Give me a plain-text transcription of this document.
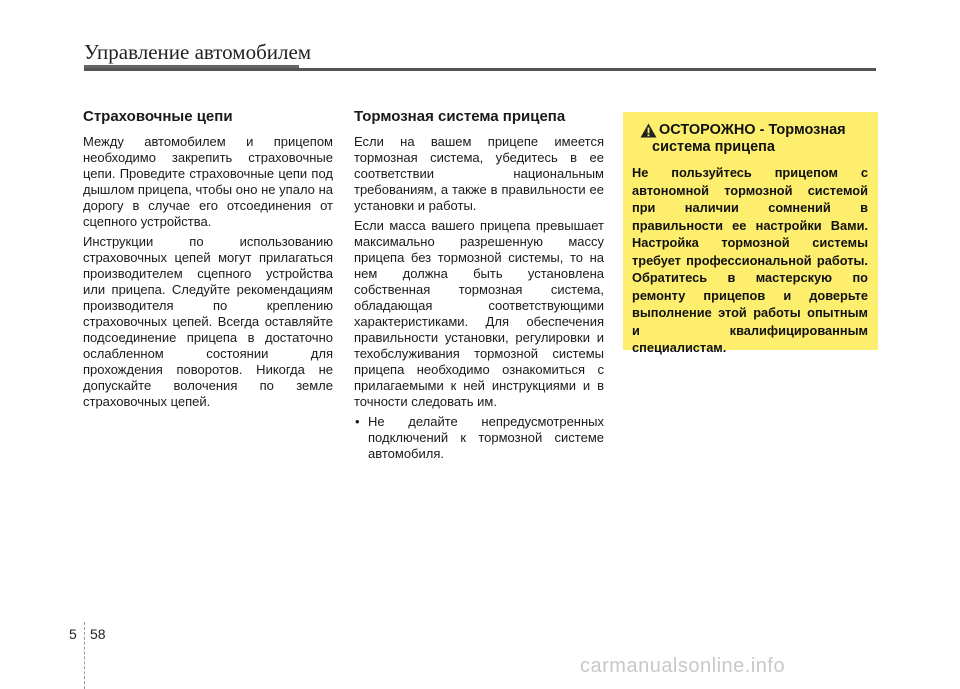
Управление автомобилем
Страховочные цепи

Между автомобилем и прицепом необходимо закрепить страховочные цепи. Проведите страховочные цепи под дышлом прицепа, чтобы оно не упало на дорогу в случае его отсоединения от сцепного устройства.

Инструкции по использованию страховочных цепей могут прилагаться производителем сцепного устройства или прицепа. Следуйте рекомендациям производителя по креплению страховочных цепей. Всегда оставляйте подсоединение прицепа в достаточно ослабленном состоянии для прохождения поворотов. Никогда не допускайте волочения по земле страховочных цепей.

Тормозная система прицепа

Если на вашем прицепе имеется тормозная система, убедитесь в ее соответствии национальным требованиям, а также в правильности ее установки и работы.

Если масса вашего прицепа превышает максимально разрешенную массу прицепа без тормозной системы, то на нем должна быть установлена собственная тормозная система, обладающая соответствующими характеристиками. Для обеспечения правильности установки, регулировки и техобслуживания тормозной системы прицепа необходимо ознакомиться с прилагаемыми к ней инструкциями и в точности следовать им.

• Не делайте непредусмотренных подключений к тормозной системе автомобиля.

ОСТОРОЖНО - Тормозная
система прицепа
Не пользуйтесь прицепом с автономной тормозной системой при наличии сомнений в правильности ее настройки Вами. Настройка тормозной системы требует профессиональной работы. Обратитесь в мастерскую по ремонту прицепов и доверьте выполнение этой работы опытным и квалифицированным специалистам.
5 58
carmanualsonline.info
